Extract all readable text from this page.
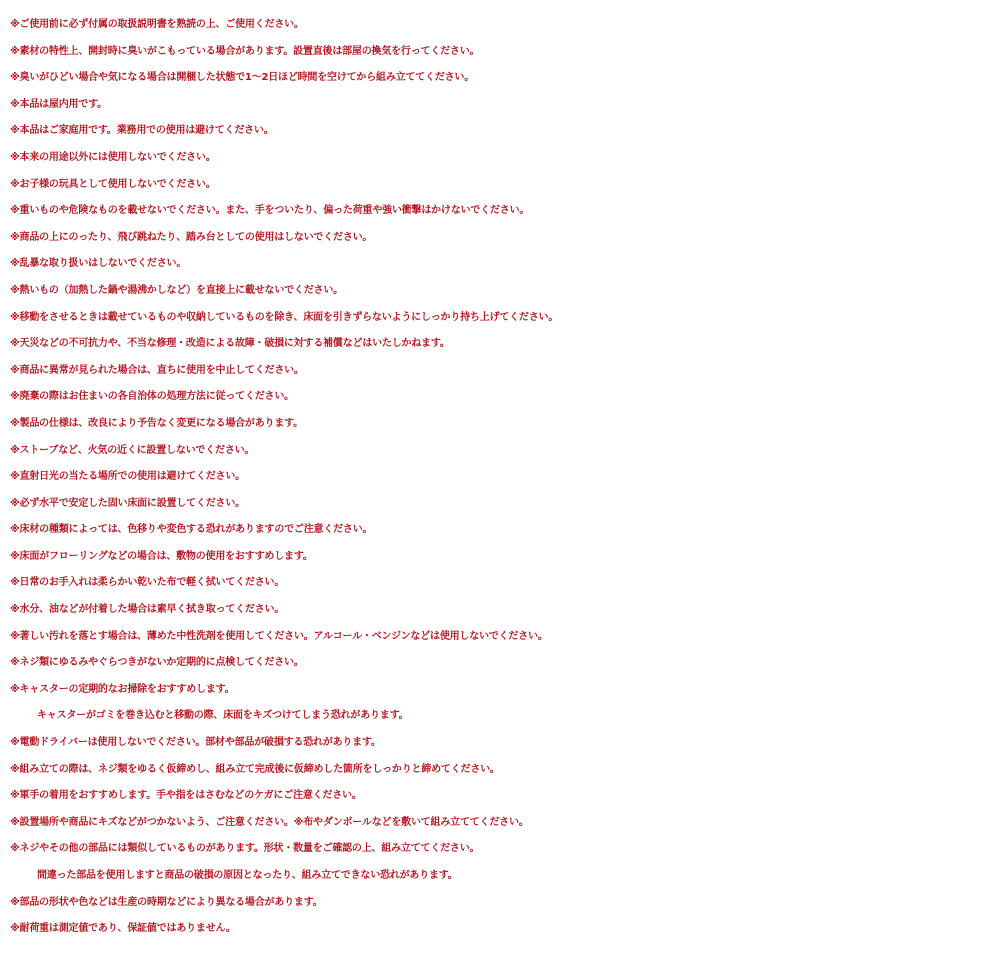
※ご使用前に必ず付属の取扱説明書を熟読の上、ご使用ください。
※素材の特性上、開封時に臭いがこもっている場合があります。設置直後は部屋の換気を行ってください。
※臭いがひどい場合や気になる場合は開梱した状態で1〜2日ほど時間を空けてから組み立ててください。
※本品は屋内用です。
※本品はご家庭用です。業務用での使用は避けてください。
※本来の用途以外には使用しないでください。
※お子様の玩具として使用しないでください。
※重いものや危険なものを載せないでください。また、手をついたり、偏った荷重や強い衝撃はかけないでください。
※商品の上にのったり、飛び跳ねたり、踏み台としての使用はしないでください。
※乱暴な取り扱いはしないでください。
※熱いもの（加熱した鍋や湯沸かしなど）を直接上に載せないでください。
※移動をさせるときは載せているものや収納しているものを除き、床面を引きずらないようにしっかり持ち上げてください。
※天災などの不可抗力や、不当な修理・改造による故障・破損に対する補償などはいたしかねます。
※商品に異常が見られた場合は、直ちに使用を中止してください。
※廃棄の際はお住まいの各自治体の処理方法に従ってください。
※製品の仕様は、改良により予告なく変更になる場合があります。
※ストーブなど、火気の近くに設置しないでください。
※直射日光の当たる場所での使用は避けてください。
※必ず水平で安定した固い床面に設置してください。
※床材の種類によっては、色移りや変色する恐れがありますのでご注意ください。
※床面がフローリングなどの場合は、敷物の使用をおすすめします。
※日常のお手入れは柔らかい乾いた布で軽く拭いてください。
※水分、油などが付着した場合は素早く拭き取ってください。
※著しい汚れを落とす場合は、薄めた中性洗剤を使用してください。アルコール・ベンジンなどは使用しないでください。
※ネジ類にゆるみやぐらつきがないか定期的に点検してください。
※キャスターの定期的なお掃除をおすすめします。
キャスターがゴミを巻き込むと移動の際、床面をキズつけてしまう恐れがあります。
※電動ドライバーは使用しないでください。部材や部品が破損する恐れがあります。
※組み立ての際は、ネジ類をゆるく仮締めし、組み立て完成後に仮締めした箇所をしっかりと締めてください。
※軍手の着用をおすすめします。手や指をはさむなどのケガにご注意ください。
※設置場所や商品にキズなどがつかないよう、ご注意ください。※布やダンボールなどを敷いて組み立ててください。
※ネジやその他の部品には類似しているものがあります。形状・数量をご確認の上、組み立ててください。
間違った部品を使用しますと商品の破損の原因となったり、組み立てできない恐れがあります。
※部品の形状や色などは生産の時期などにより異なる場合があります。
※耐荷重は測定値であり、保証値ではありません。
